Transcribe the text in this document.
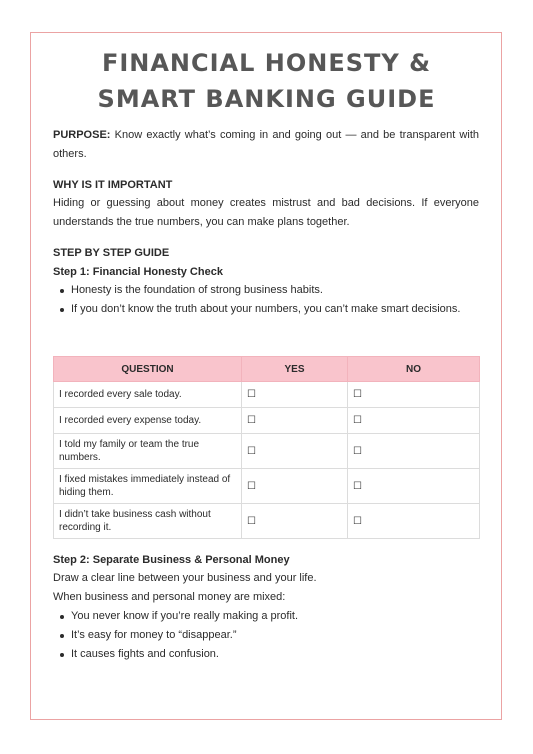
FINANCIAL HONESTY &
SMART BANKING GUIDE
PURPOSE: Know exactly what’s coming in and going out — and be transparent with others.
WHY IS IT IMPORTANT
Hiding or guessing about money creates mistrust and bad decisions. If everyone understands the true numbers, you can make plans together.
STEP BY STEP GUIDE
Step 1: Financial Honesty Check
Honesty is the foundation of strong business habits.
If you don’t know the truth about your numbers, you can’t make smart decisions.
QUESTION	YES	NO
I recorded every sale today.	☐	☐
I recorded every expense today.	☐	☐
I told my family or team the true numbers.	☐	☐
I fixed mistakes immediately instead of hiding them.	☐	☐
I didn’t take business cash without recording it.	☐	☐
Step 2: Separate Business & Personal Money
Draw a clear line between your business and your life.
When business and personal money are mixed:
You never know if you’re really making a profit.
It’s easy for money to “disappear.”
It causes fights and confusion.
